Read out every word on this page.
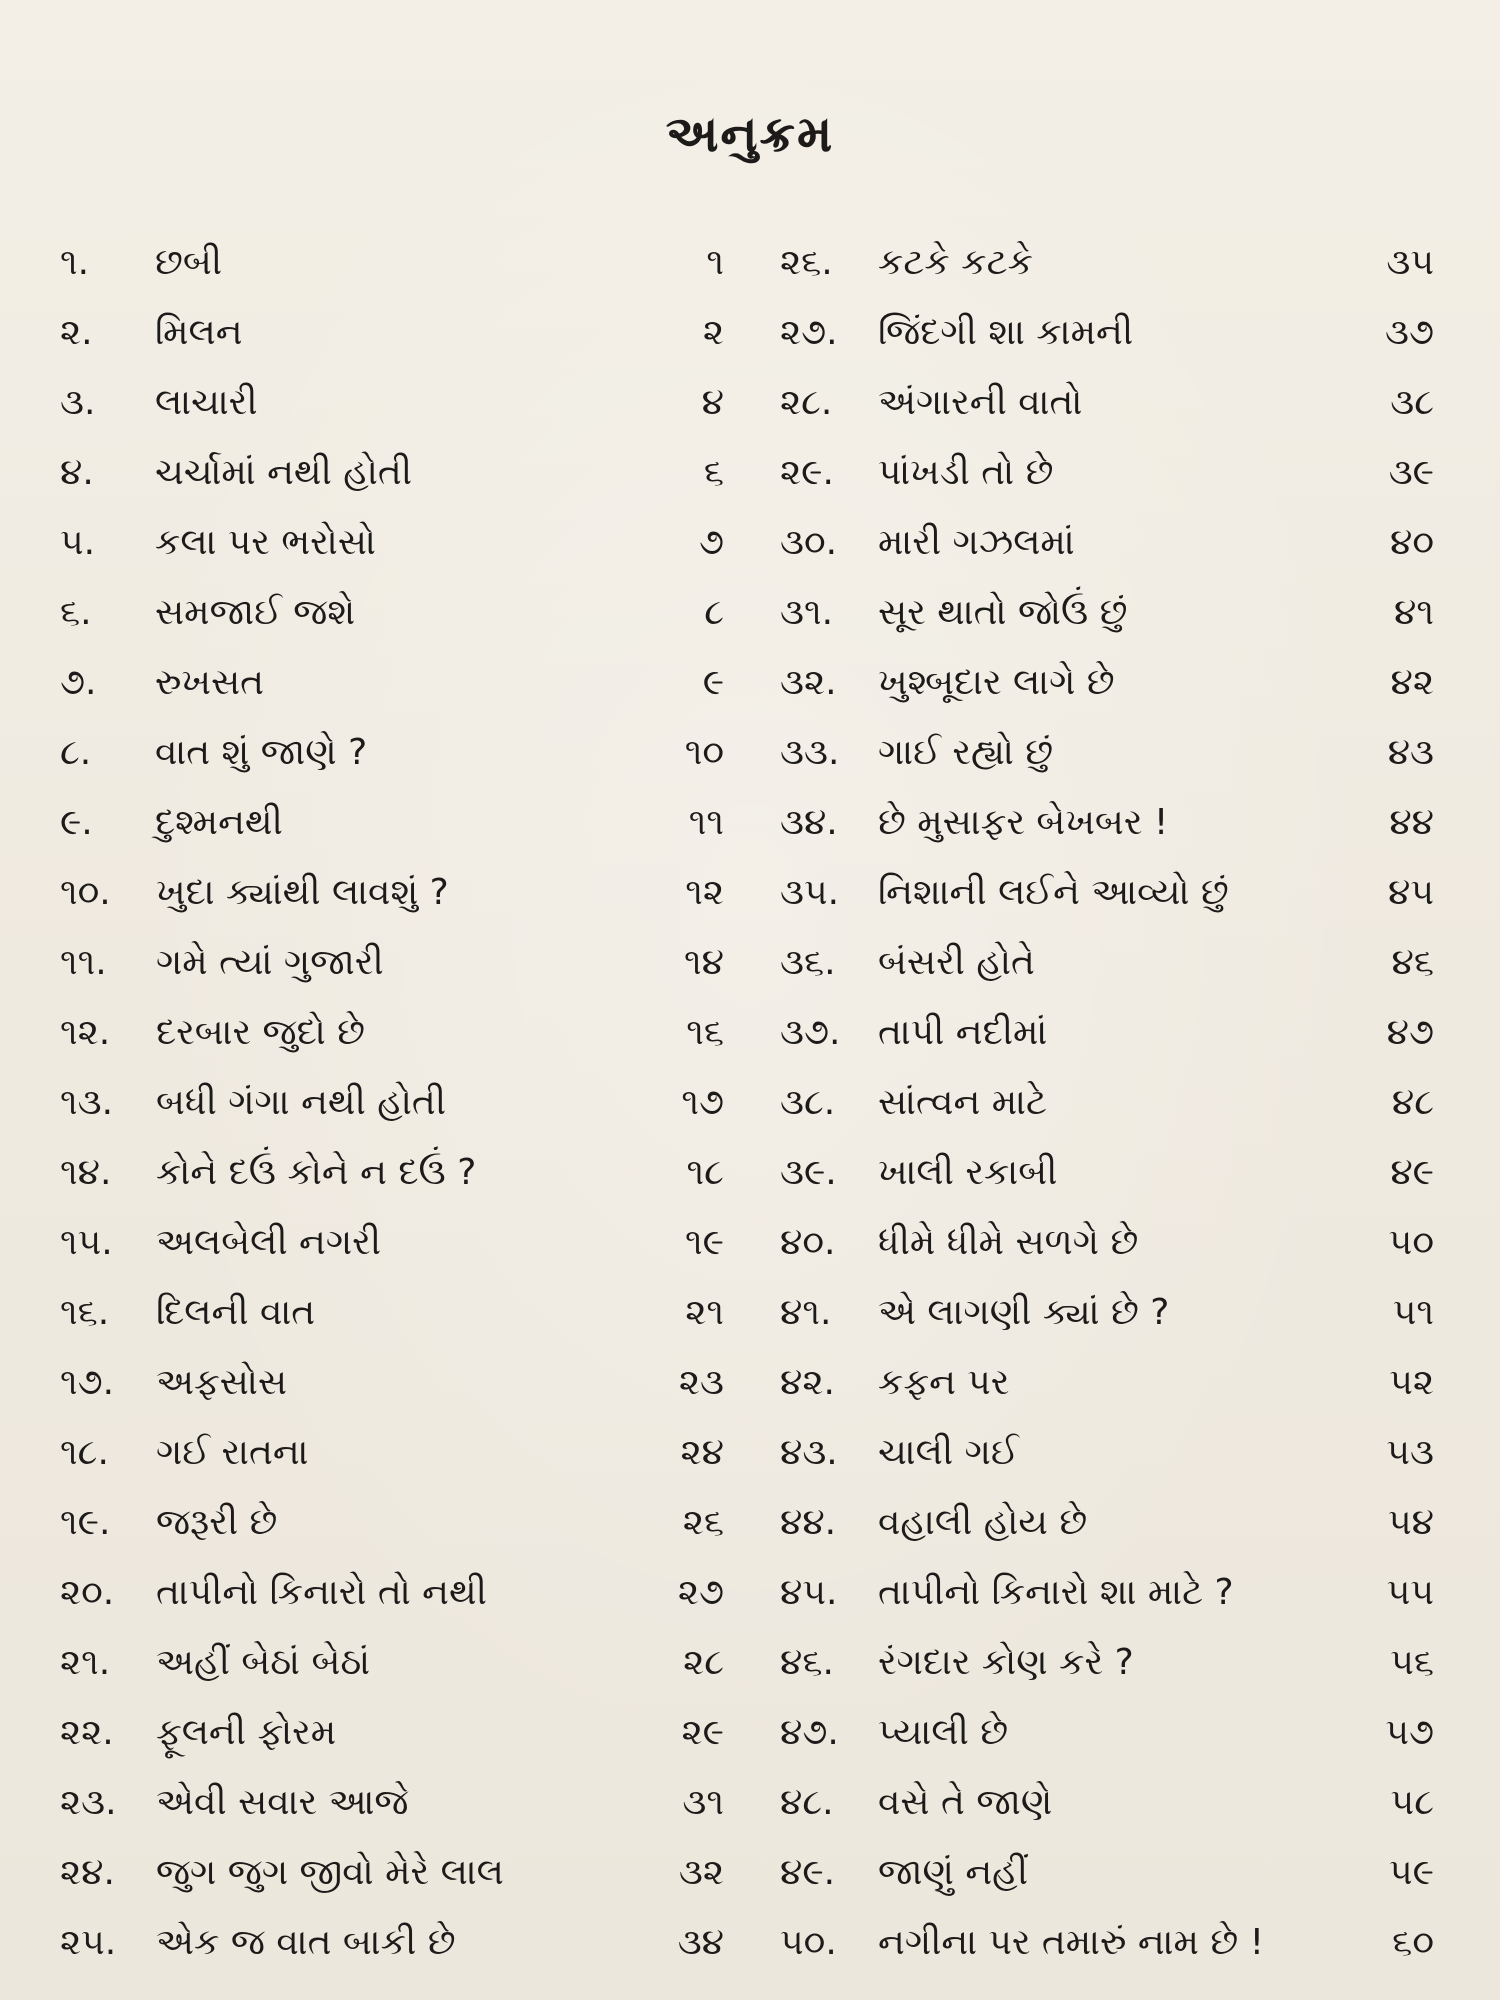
અનુક્રમ
૧. છબી	૧
૨. મિલન	૨
૩. લાચારી	૪
૪. ચર્ચામાં નથી હોતી	૬
૫. કલા પર ભરોસો	૭
૬. સમજાઈ જશે	૮
૭. રુખસત	૯
૮. વાત શું જાણે ?	૧૦
૯. દુશ્મનથી	૧૧
૧૦. ખુદા ક્યાંથી લાવશું ?	૧૨
૧૧. ગમે ત્યાં ગુજારી	૧૪
૧૨. દરબાર જુદો છે	૧૬
૧૩. બધી ગંગા નથી હોતી	૧૭
૧૪. કોને દઉં કોને ન દઉં ?	૧૮
૧૫. અલબેલી નગરી	૧૯
૧૬. દિલની વાત	૨૧
૧૭. અફસોસ	૨૩
૧૮. ગઈ રાતના	૨૪
૧૯. જરૂરી છે	૨૬
૨૦. તાપીનો કિનારો તો નથી	૨૭
૨૧. અહીં બેઠાં બેઠાં	૨૮
૨૨. ફૂલની ફોરમ	૨૯
૨૩. એવી સવાર આજે	૩૧
૨૪. જુગ જુગ જીવો મેરે લાલ	૩૨
૨૫. એક જ વાત બાકી છે	૩૪
૨૬. કટકે કટકે	૩૫
૨૭. જિંદગી શા કામની	૩૭
૨૮. અંગારની વાતો	૩૮
૨૯. પાંખડી તો છે	૩૯
૩૦. મારી ગઝલમાં	૪૦
૩૧. સૂર થાતો જોઉં છું	૪૧
૩૨. ખુશ્બૂદાર લાગે છે	૪૨
૩૩. ગાઈ રહ્યો છું	૪૩
૩૪. છે મુસાફર બેખબર !	૪૪
૩૫. નિશાની લઈને આવ્યો છું	૪૫
૩૬. બંસરી હોતે	૪૬
૩૭. તાપી નદીમાં	૪૭
૩૮. સાંત્વન માટે	૪૮
૩૯. ખાલી રકાબી	૪૯
૪૦. ધીમે ધીમે સળગે છે	૫૦
૪૧. એ લાગણી ક્યાં છે ?	૫૧
૪૨. કફન પર	૫૨
૪૩. ચાલી ગઈ	૫૩
૪૪. વહાલી હોય છે	૫૪
૪૫. તાપીનો કિનારો શા માટે ?	૫૫
૪૬. રંગદાર કોણ કરે ?	૫૬
૪૭. પ્યાલી છે	૫૭
૪૮. વસે તે જાણે	૫૮
૪૯. જાણું નહીં	૫૯
૫૦. નગીના પર તમારું નામ છે !	૬૦
